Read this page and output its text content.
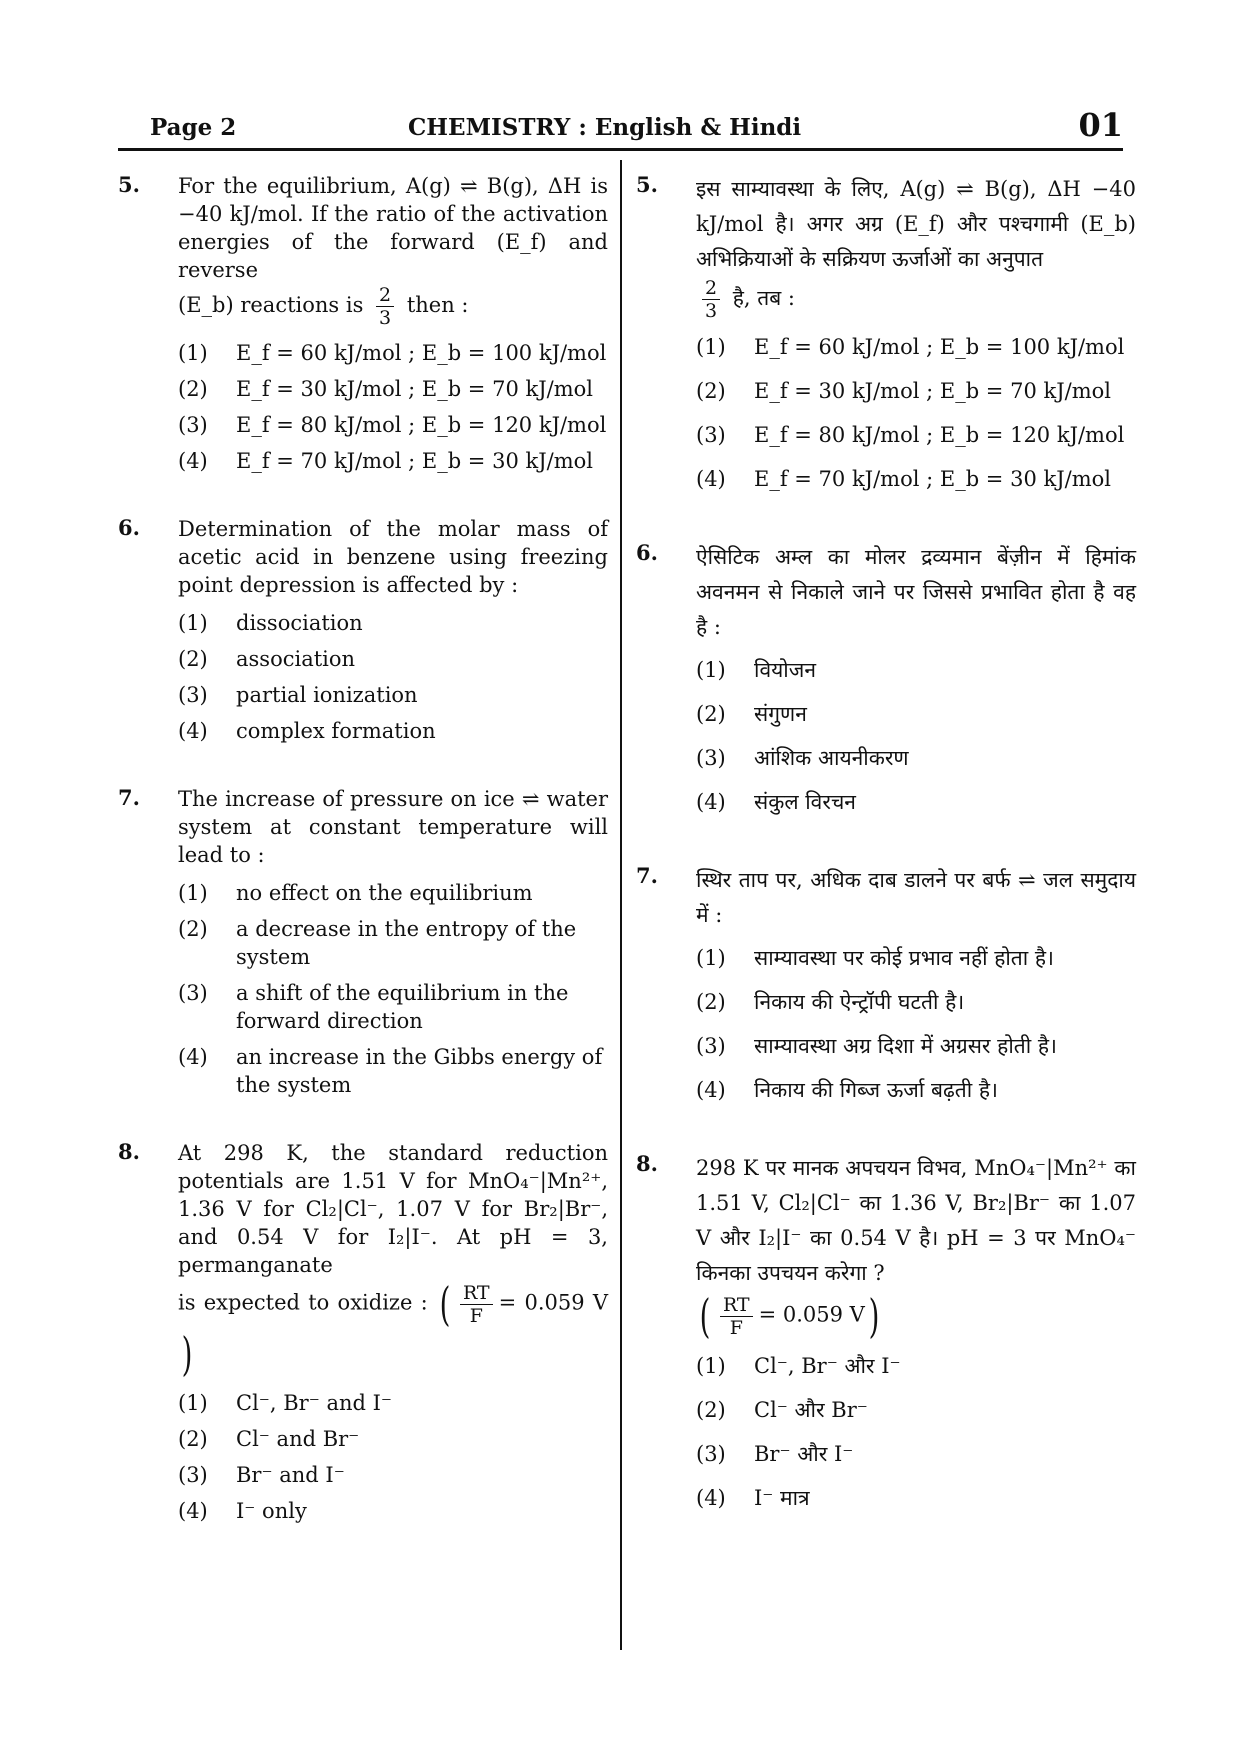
Page 2	CHEMISTRY : English & Hindi	01
5. For the equilibrium, A(g) ⇌ B(g), ΔH is −40 kJ/mol. If the ratio of the activation energies of the forward (E_f) and reverse
(E_b) reactions is $\frac{2}{3}$ then :
(1)	E_f = 60 kJ/mol ; E_b = 100 kJ/mol
(2)	E_f = 30 kJ/mol ; E_b = 70 kJ/mol
(3)	E_f = 80 kJ/mol ; E_b = 120 kJ/mol
(4)	E_f = 70 kJ/mol ; E_b = 30 kJ/mol
6. Determination of the molar mass of acetic acid in benzene using freezing point depression is affected by :
(1)	dissociation
(2)	association
(3)	partial ionization
(4)	complex formation
7. The increase of pressure on ice ⇌ water system at constant temperature will lead to :
(1)	no effect on the equilibrium
(2)	a decrease in the entropy of the system
(3)	a shift of the equilibrium in the forward direction
(4)	an increase in the Gibbs energy of the system
8. At 298 K, the standard reduction potentials are 1.51 V for MnO₄⁻|Mn²⁺, 1.36 V for Cl₂|Cl⁻, 1.07 V for Br₂|Br⁻, and 0.54 V for I₂|I⁻. At pH = 3, permanganate
is expected to oxidize : ( $\frac{RT}{F} = 0.059$ V)
(1)	Cl⁻, Br⁻ and I⁻
(2)	Cl⁻ and Br⁻
(3)	Br⁻ and I⁻
(4)	I⁻ only
5. इस साम्यावस्था के लिए, A(g) ⇌ B(g), ΔH −40 kJ/mol है। अगर अग्र (E_f) और पश्चगामी (E_b) अभिक्रियाओं के सक्रियण ऊर्जाओं का अनुपात

$\frac{2}{3}$ है, तब :
(1)	E_f = 60 kJ/mol ; E_b = 100 kJ/mol
(2)	E_f = 30 kJ/mol ; E_b = 70 kJ/mol
(3)	E_f = 80 kJ/mol ; E_b = 120 kJ/mol
(4)	E_f = 70 kJ/mol ; E_b = 30 kJ/mol
6. ऐसिटिक अम्ल का मोलर द्रव्यमान बेंज़ीन में हिमांक अवनमन से निकाले जाने पर जिससे प्रभावित होता है वह है :
(1)	वियोजन
(2)	संगुणन
(3)	आंशिक आयनीकरण
(4)	संकुल विरचन
7. स्थिर ताप पर, अधिक दाब डालने पर बर्फ ⇌ जल समुदाय में :
(1)	साम्यावस्था पर कोई प्रभाव नहीं होता है।
(2)	निकाय की ऐन्ट्रॉपी घटती है।
(3)	साम्यावस्था अग्र दिशा में अग्रसर होती है।
(4)	निकाय की गिब्ज ऊर्जा बढ़ती है।
8. 298 K पर मानक अपचयन विभव, MnO₄⁻|Mn²⁺ का 1.51 V, Cl₂|Cl⁻ का 1.36 V, Br₂|Br⁻ का 1.07 V और I₂|I⁻ का 0.54 V है। pH = 3 पर MnO₄⁻ किनका उपचयन करेगा ?
( $\frac{RT}{F} = 0.059$ V)
(1)	Cl⁻, Br⁻ और I⁻
(2)	Cl⁻ और Br⁻
(3)	Br⁻ और I⁻
(4)	I⁻ मात्र
